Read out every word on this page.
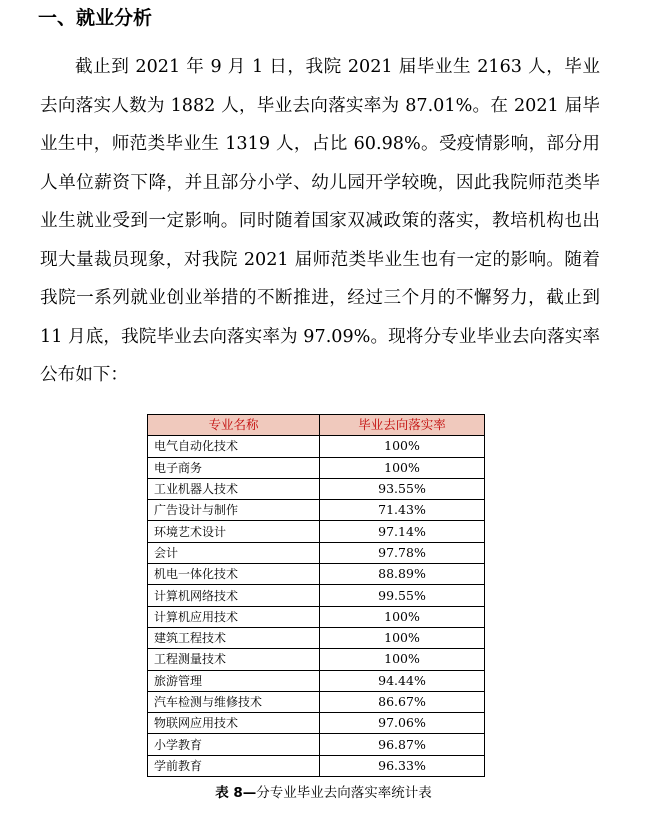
一、就业分析

截止到 2021 年 9 月 1 日，我院 2021 届毕业生 2163 人，毕业去向落实人数为 1882 人，毕业去向落实率为 87.01%。在 2021 届毕业生中，师范类毕业生 1319 人，占比 60.98%。受疫情影响，部分用人单位薪资下降，并且部分小学、幼儿园开学较晚，因此我院师范类毕业生就业受到一定影响。同时随着国家双减政策的落实，教培机构也出现大量裁员现象，对我院 2021 届师范类毕业生也有一定的影响。随着我院一系列就业创业举措的不断推进，经过三个月的不懈努力，截止到 11 月底，我院毕业去向落实率为 97.09%。现将分专业毕业去向落实率公布如下：

专业名称	毕业去向落实率
电气自动化技术	100%
电子商务	100%
工业机器人技术	93.55%
广告设计与制作	71.43%
环境艺术设计	97.14%
会计	97.78%
机电一体化技术	88.89%
计算机网络技术	99.55%
计算机应用技术	100%
建筑工程技术	100%
工程测量技术	100%
旅游管理	94.44%
汽车检测与维修技术	86.67%
物联网应用技术	97.06%
小学教育	96.87%
学前教育	96.33%
表 8—分专业毕业去向落实率统计表
